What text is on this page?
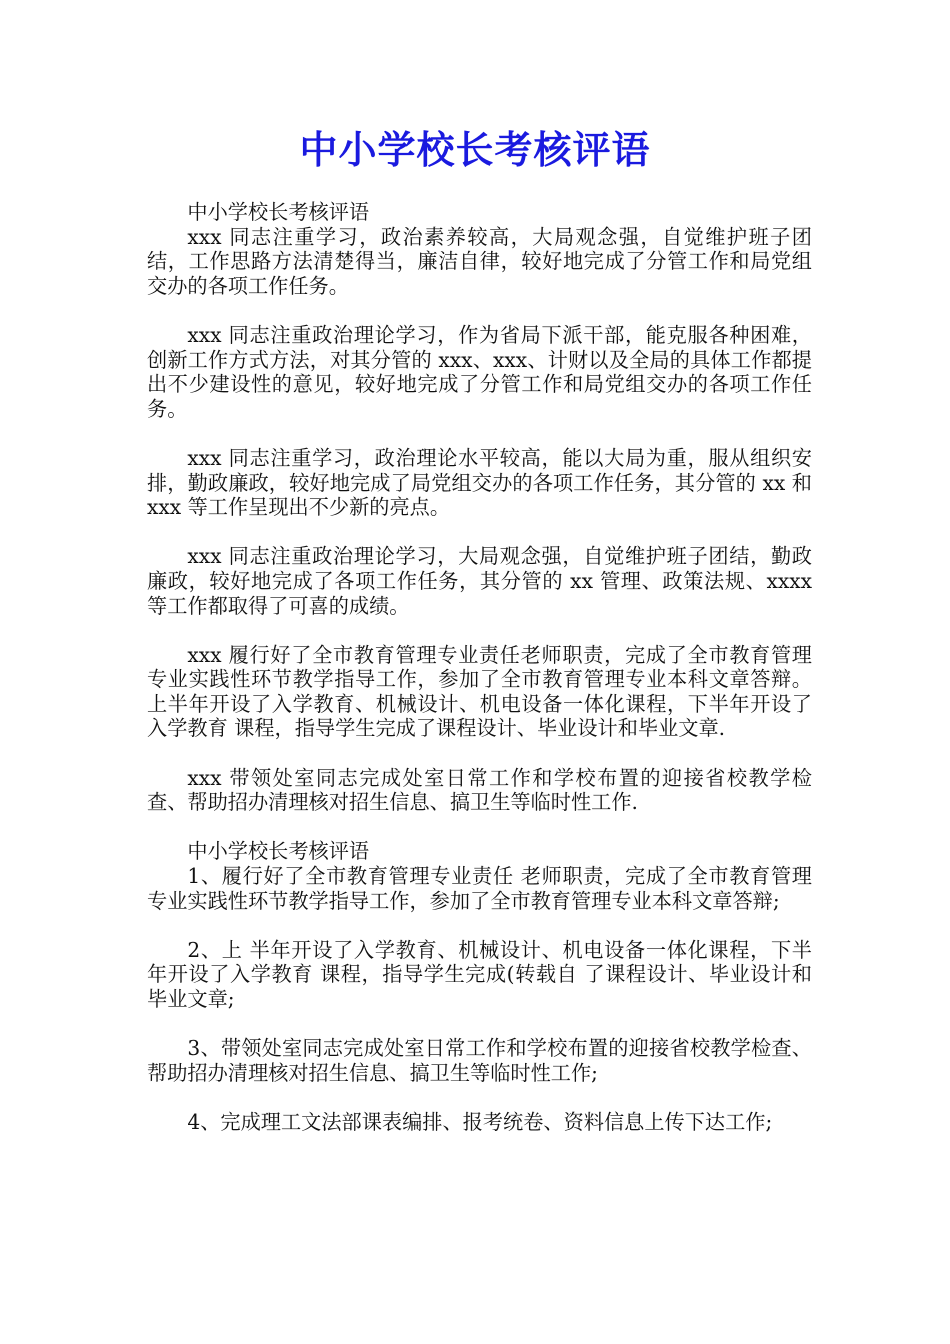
中小学校长考核评语

中小学校长考核评语

xxx 同志注重学习，政治素养较高，大局观念强，自觉维护班子团结，工作思路方法清楚得当，廉洁自律，较好地完成了分管工作和局党组交办的各项工作任务。

xxx 同志注重政治理论学习，作为省局下派干部，能克服各种困难，创新工作方式方法，对其分管的 xxx、xxx、计财以及全局的具体工作都提出不少建设性的意见，较好地完成了分管工作和局党组交办的各项工作任务。

xxx 同志注重学习，政治理论水平较高，能以大局为重，服从组织安排，勤政廉政，较好地完成了局党组交办的各项工作任务，其分管的 xx 和 xxx 等工作呈现出不少新的亮点。

xxx 同志注重政治理论学习，大局观念强，自觉维护班子团结，勤政廉政，较好地完成了各项工作任务，其分管的 xx 管理、政策法规、xxxx 等工作都取得了可喜的成绩。

xxx 履行好了全市教育管理专业责任老师职责，完成了全市教育管理专业实践性环节教学指导工作，参加了全市教育管理专业本科文章答辩。上半年开设了入学教育、机械设计、机电设备一体化课程，下半年开设了入学教育 课程，指导学生完成了课程设计、毕业设计和毕业文章.

xxx 带领处室同志完成处室日常工作和学校布置的迎接省校教学检查、帮助招办清理核对招生信息、搞卫生等临时性工作.

中小学校长考核评语

1、履行好了全市教育管理专业责任 老师职责，完成了全市教育管理专业实践性环节教学指导工作，参加了全市教育管理专业本科文章答辩;

2、上 半年开设了入学教育、机械设计、机电设备一体化课程，下半年开设了入学教育 课程，指导学生完成(转载自 了课程设计、毕业设计和毕业文章;

3、带领处室同志完成处室日常工作和学校布置的迎接省校教学检查、帮助招办清理核对招生信息、搞卫生等临时性工作;

4、完成理工文法部课表编排、报考统卷、资料信息上传下达工作;
